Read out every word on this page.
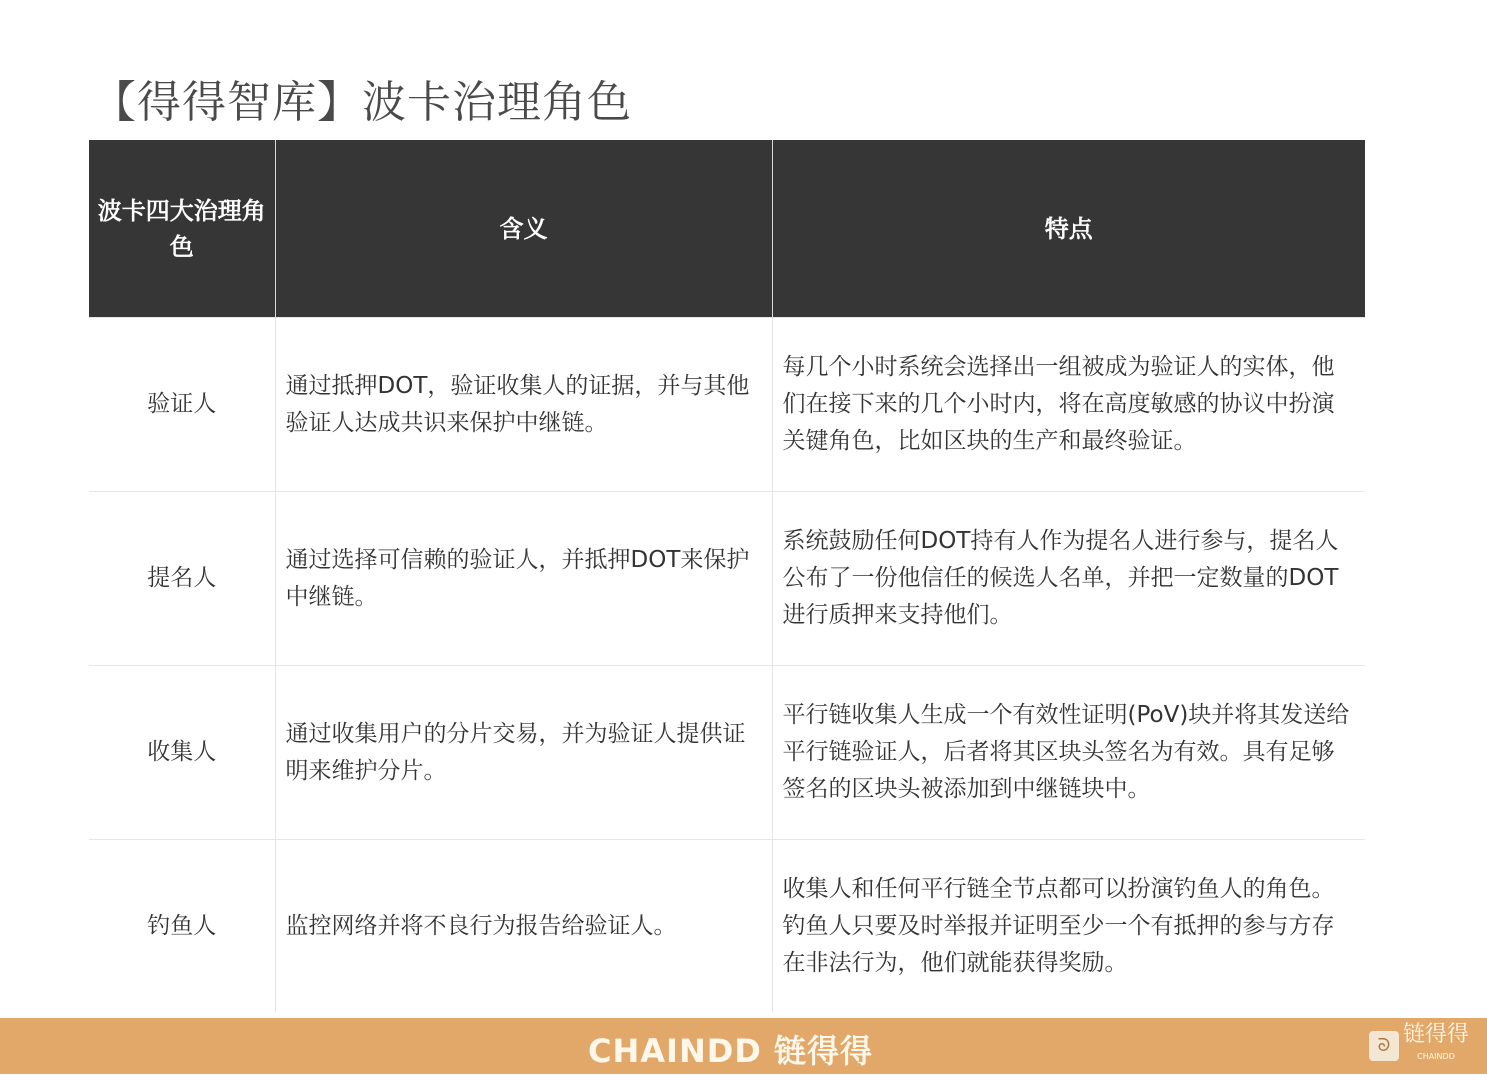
【得得智库】波卡治理角色
波卡四大治理角色	含义	特点
验证人	通过抵押DOT，验证收集人的证据，并与其他验证人达成共识来保护中继链。	每几个小时系统会选择出一组被成为验证人的实体，他们在接下来的几个小时内，将在高度敏感的协议中扮演关键角色，比如区块的生产和最终验证。
提名人	通过选择可信赖的验证人，并抵押DOT来保护中继链。	系统鼓励任何DOT持有人作为提名人进行参与，提名人公布了一份他信任的候选人名单，并把一定数量的DOT进行质押来支持他们。
收集人	通过收集用户的分片交易，并为验证人提供证明来维护分片。	平行链收集人生成一个有效性证明(PoV)块并将其发送给平行链验证人，后者将其区块头签名为有效。具有足够签名的区块头被添加到中继链块中。
钓鱼人	监控网络并将不良行为报告给验证人。	收集人和任何平行链全节点都可以扮演钓鱼人的角色。钓鱼人只要及时举报并证明至少一个有抵押的参与方存在非法行为，他们就能获得奖励。
CHAINDD 链得得	ᘐ 链得得
CHAINDD
